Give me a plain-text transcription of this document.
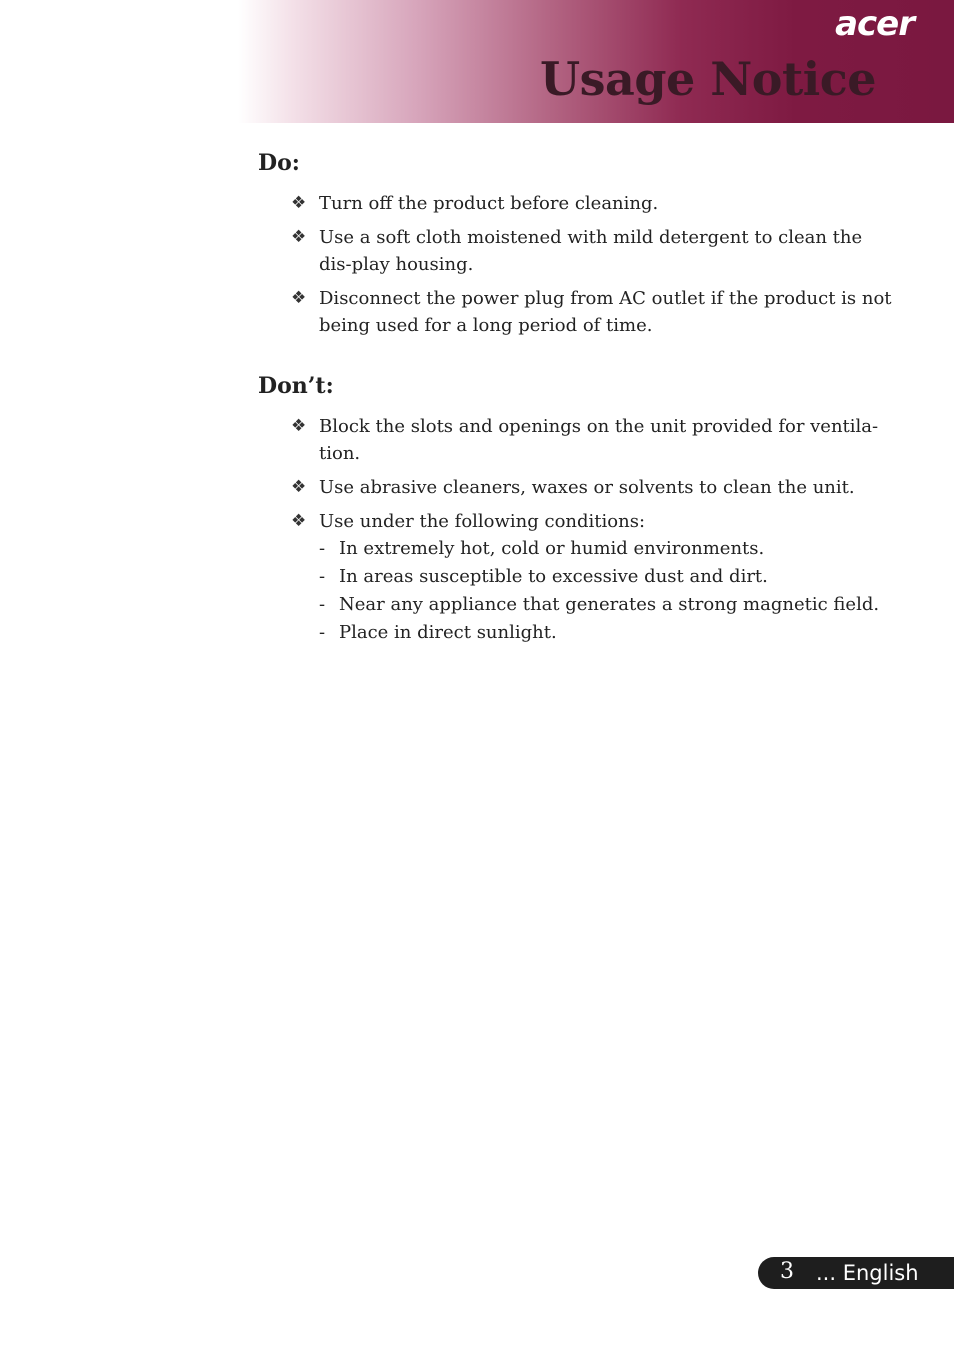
acer
Usage Notice
Do:
❖ Turn off the product before cleaning.
❖ Use a soft cloth moistened with mild detergent to clean the dis-play housing.
❖ Disconnect the power plug from AC outlet if the product is not being used for a long period of time.
Don’t:
❖ Block the slots and openings on the unit provided for ventila-tion.
❖ Use abrasive cleaners, waxes or solvents to clean the unit.
❖ Use under the following conditions:
- In extremely hot, cold or humid environments.
- In areas susceptible to excessive dust and dirt.
- Near any appliance that generates a strong magnetic field.
- Place in direct sunlight.
3 ... English
